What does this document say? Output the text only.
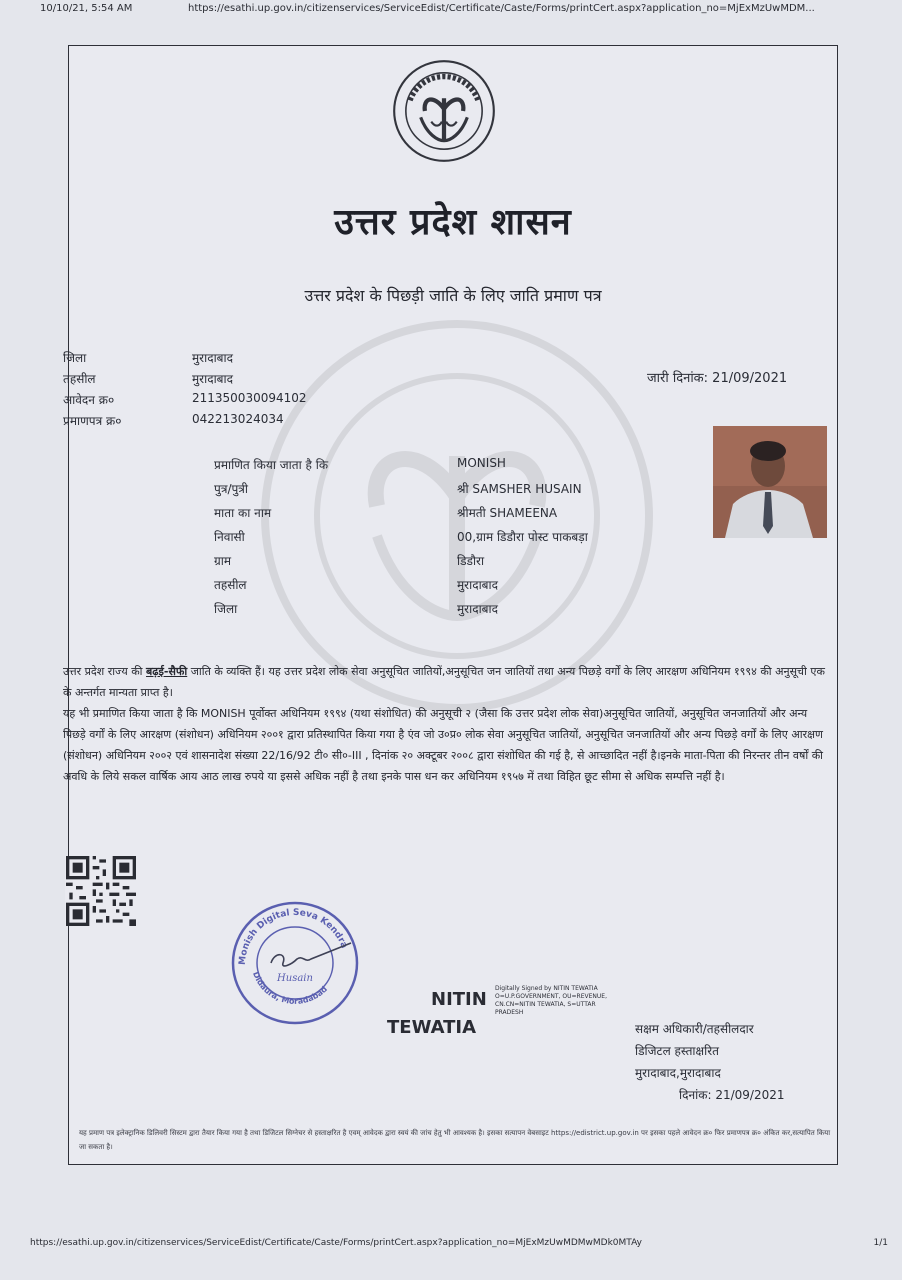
10/10/21, 5:54 AM	https://esathi.up.gov.in/citizenservices/ServiceEdist/Certificate/Caste/Forms/printCert.aspx?application_no=MjExMzUwMDM...
उत्तर प्रदेश शासन
उत्तर प्रदेश के पिछड़ी जाति के लिए जाति प्रमाण पत्र
जिला	मुरादाबाद
तहसील	मुरादाबाद
आवेदन क्र०	211350030094102
प्रमाणपत्र क्र०	042213024034
जारी दिनांक: 21/09/2021
प्रमाणित किया जाता है कि	MONISH
पुत्र/पुत्री	श्री SAMSHER HUSAIN
माता का नाम	श्रीमती SHAMEENA
निवासी	00,ग्राम डिडौरा पोस्ट पाकबड़ा
ग्राम	डिडौरा
तहसील	मुरादाबाद
जिला	मुरादाबाद
उत्तर प्रदेश राज्य की बढ़ई-सैफी जाति के व्यक्ति हैं। यह उत्तर प्रदेश लोक सेवा अनुसूचित जातियों,अनुसूचित जन जातियों तथा अन्य पिछड़े वर्गों के लिए आरक्षण अधिनियम १९९४ की अनुसूची एक के अन्तर्गत मान्यता प्राप्त है।
यह भी प्रमाणित किया जाता है कि MONISH पूर्वोक्त अधिनियम १९९४ (यथा संशोधित) की अनुसूची २ (जैसा कि उत्तर प्रदेश लोक सेवा)अनुसूचित जातियों, अनुसूचित जनजातियों और अन्य पिछड़े वर्गों के लिए आरक्षण (संशोधन) अधिनियम २००१ द्वारा प्रतिस्थापित किया गया है एंव जो उ०प्र० लोक सेवा अनुसूचित जातियों, अनुसूचित जनजातियों और अन्य पिछड़े वर्गों के लिए आरक्षण (संशोधन) अधिनियम २००२ एवं शासनादेश संख्या 22/16/92 टी० सी०-III , दिनांक २० अक्टूबर २००८ द्वारा संशोधित की गई है, से आच्छादित नहीं है।इनके माता-पिता की निरन्तर तीन वर्षों की अवधि के लिये सकल वार्षिक आय आठ लाख रुपये या इससे अधिक नहीं है तथा इनके पास धन कर अधिनियम १९५७ में तथा विहित छूट सीमा से अधिक सम्पत्ति नहीं है।
Monish Digital Seva Kendra
Didaura, Moradabad
Husain
NITIN
TEWATIA
Digitally Signed by NITIN TEWATIA O=U.P.GOVERNMENT, OU=REVENUE, CN.CN=NITIN TEWATIA, S=UTTAR PRADESH
सक्षम अधिकारी/तहसीलदार
डिजिटल हस्ताक्षरित
मुरादाबाद,मुरादाबाद
दिनांक: 21/09/2021
यह प्रमाण पत्र इलेक्ट्रानिक डिलिवरी सिस्टम द्वारा तैयार किया गया है तथा डिजिटल सिग्नेचर से हस्ताक्षरित है एवम् आवेदक द्वारा स्वयं की जांच हेतु भी आवश्यक है। इसका सत्यापन वेबसाइट https://edistrict.up.gov.in पर इसका पहले आवेदन क्र० फिर प्रमाणपत्र क्र० अंकित कर,सत्यापित किया जा सकता है।
https://esathi.up.gov.in/citizenservices/ServiceEdist/Certificate/Caste/Forms/printCert.aspx?application_no=MjExMzUwMDMwMDk0MTAy	1/1
